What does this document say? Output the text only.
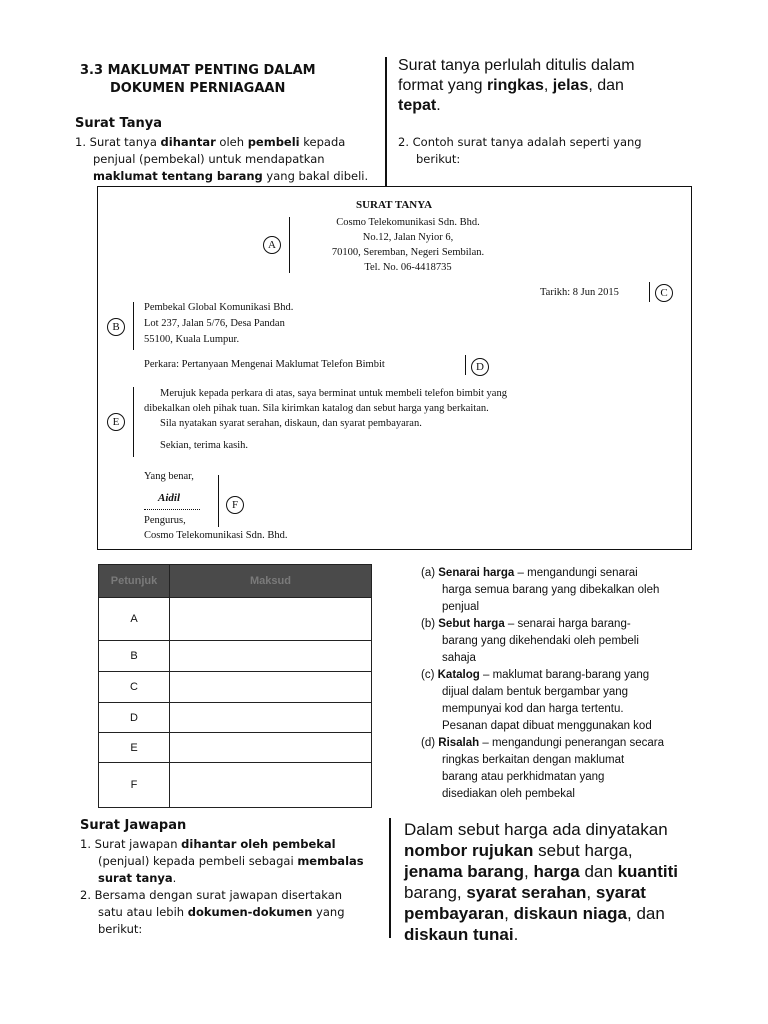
3.3 MAKLUMAT PENTING DALAM
DOKUMEN PERNIAGAAN
Surat Tanya
1. Surat tanya dihantar oleh pembeli kepada
penjual (pembekal) untuk mendapatkan
maklumat tentang barang yang bakal dibeli.
Surat tanya perlulah ditulis dalam
format yang ringkas, jelas, dan
tepat.
2. Contoh surat tanya adalah seperti yang
berikut:
SURAT TANYA
A
Cosmo Telekomunikasi Sdn. Bhd.
No.12, Jalan Nyior 6,
70100, Seremban, Negeri Sembilan.
Tel. No. 06-4418735
Tarikh: 8 Jun 2015	C
B
Pembekal Global Komunikasi Bhd.
Lot 237, Jalan 5/76, Desa Pandan
55100, Kuala Lumpur.
Perkara: Pertanyaan Mengenai Maklumat Telefon Bimbit	D
E
Merujuk kepada perkara di atas, saya berminat untuk membeli telefon bimbit yang
dibekalkan oleh pihak tuan. Sila kirimkan katalog dan sebut harga yang berkaitan.
Sila nyatakan syarat serahan, diskaun, dan syarat pembayaran.
Sekian, terima kasih.
Yang benar,
Aidil
F
Pengurus,
Cosmo Telekomunikasi Sdn. Bhd.
Petunjuk	Maksud
A	
B	
C	
D	
E	
F	
(a) Senarai harga – mengandungi senarai
harga semua barang yang dibekalkan oleh
penjual
(b) Sebut harga – senarai harga barang-
barang yang dikehendaki oleh pembeli
sahaja
(c) Katalog – maklumat barang-barang yang
dijual dalam bentuk bergambar yang
mempunyai kod dan harga tertentu.
Pesanan dapat dibuat menggunakan kod
(d) Risalah – mengandungi penerangan secara
ringkas berkaitan dengan maklumat
barang atau perkhidmatan yang
disediakan oleh pembekal
Surat Jawapan
1. Surat jawapan dihantar oleh pembekal
(penjual) kepada pembeli sebagai membalas
surat tanya.
2. Bersama dengan surat jawapan disertakan
satu atau lebih dokumen-dokumen yang
berikut:
Dalam sebut harga ada dinyatakan
nombor rujukan sebut harga,
jenama barang, harga dan kuantiti
barang, syarat serahan, syarat
pembayaran, diskaun niaga, dan
diskaun tunai.
